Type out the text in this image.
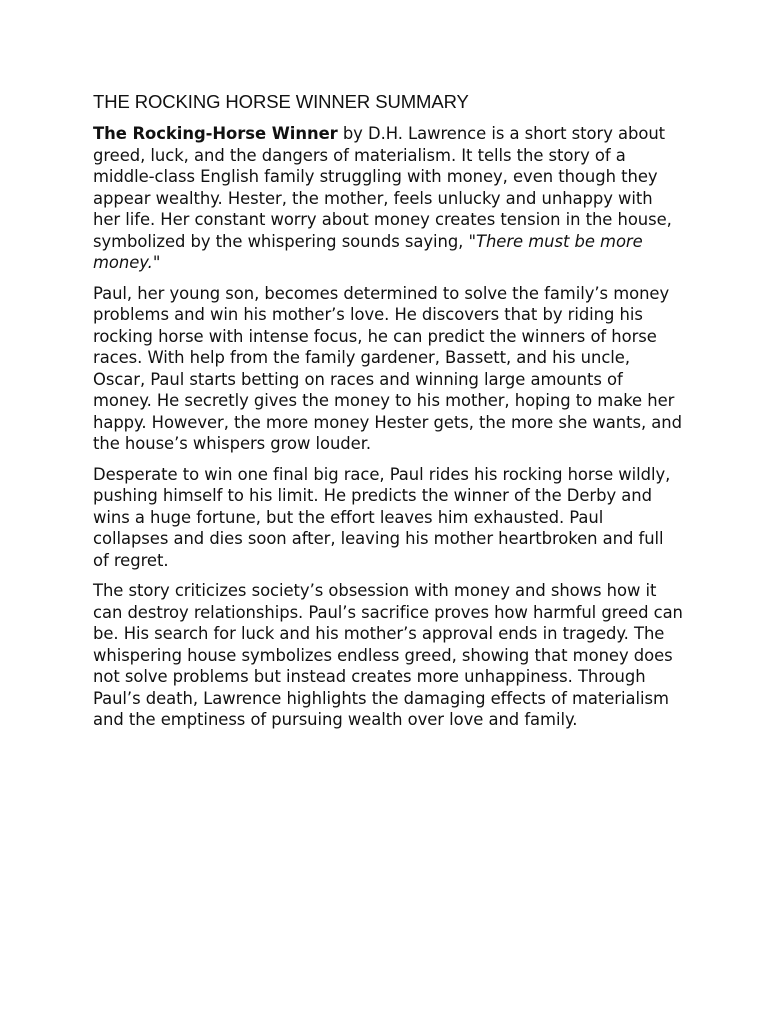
THE ROCKING HORSE WINNER SUMMARY

The Rocking-Horse Winner by D.H. Lawrence is a short story about greed, luck, and the dangers of materialism. It tells the story of a middle-class English family struggling with money, even though they appear wealthy. Hester, the mother, feels unlucky and unhappy with her life. Her constant worry about money creates tension in the house, symbolized by the whispering sounds saying, "There must be more money."

Paul, her young son, becomes determined to solve the family’s money problems and win his mother’s love. He discovers that by riding his rocking horse with intense focus, he can predict the winners of horse races. With help from the family gardener, Bassett, and his uncle, Oscar, Paul starts betting on races and winning large amounts of money. He secretly gives the money to his mother, hoping to make her happy. However, the more money Hester gets, the more she wants, and the house’s whispers grow louder.

Desperate to win one final big race, Paul rides his rocking horse wildly, pushing himself to his limit. He predicts the winner of the Derby and wins a huge fortune, but the effort leaves him exhausted. Paul collapses and dies soon after, leaving his mother heartbroken and full of regret.

The story criticizes society’s obsession with money and shows how it can destroy relationships. Paul’s sacrifice proves how harmful greed can be. His search for luck and his mother’s approval ends in tragedy. The whispering house symbolizes endless greed, showing that money does not solve problems but instead creates more unhappiness. Through Paul’s death, Lawrence highlights the damaging effects of materialism and the emptiness of pursuing wealth over love and family.
